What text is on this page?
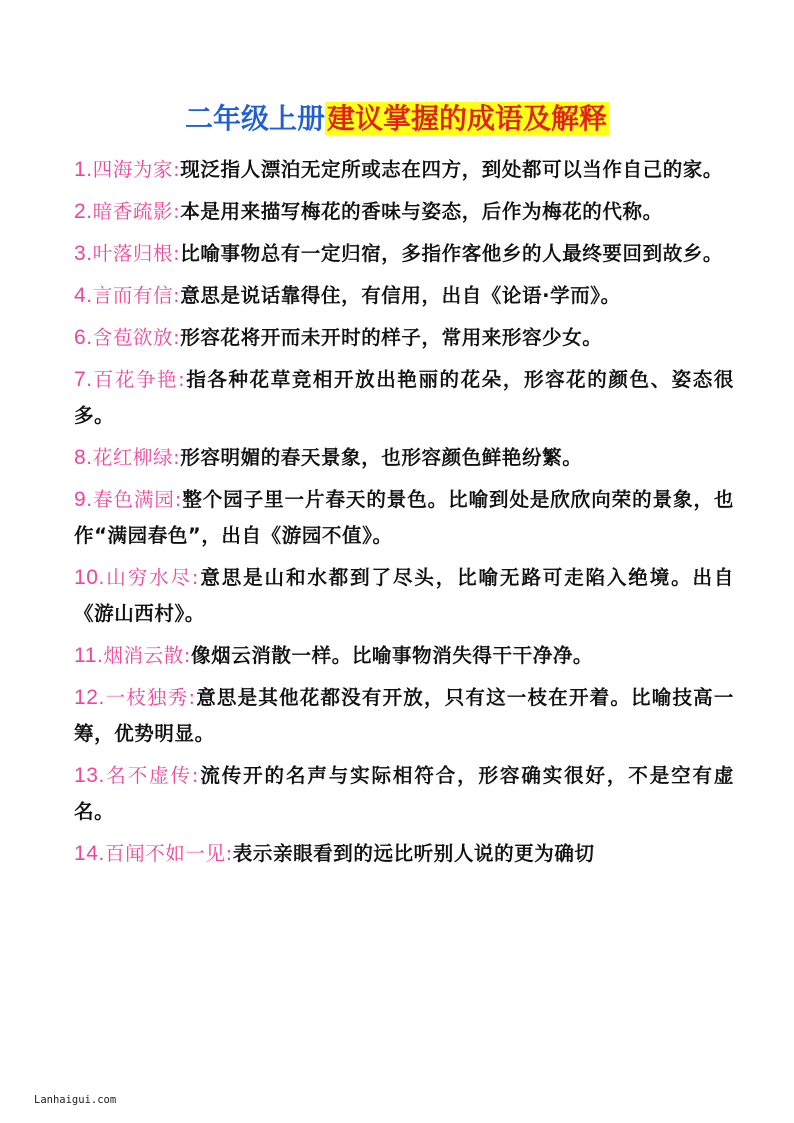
二年级上册建议掌握的成语及解释
1.四海为家:现泛指人漂泊无定所或志在四方，到处都可以当作自己的家。
2.暗香疏影:本是用来描写梅花的香味与姿态，后作为梅花的代称。
3.叶落归根:比喻事物总有一定归宿，多指作客他乡的人最终要回到故乡。
4.言而有信:意思是说话靠得住，有信用，出自《论语·学而》。
6.含苞欲放:形容花将开而未开时的样子，常用来形容少女。
7.百花争艳:指各种花草竞相开放出艳丽的花朵，形容花的颜色、姿态很多。
8.花红柳绿:形容明媚的春天景象，也形容颜色鲜艳纷繁。
9.春色满园:整个园子里一片春天的景色。比喻到处是欣欣向荣的景象，也作“满园春色”，出自《游园不值》。
10.山穷水尽:意思是山和水都到了尽头，比喻无路可走陷入绝境。出自《游山西村》。
11.烟消云散:像烟云消散一样。比喻事物消失得干干净净。
12.一枝独秀:意思是其他花都没有开放，只有这一枝在开着。比喻技高一筹，优势明显。
13.名不虚传:流传开的名声与实际相符合，形容确实很好，不是空有虚名。
14.百闻不如一见:表示亲眼看到的远比听别人说的更为确切
Lanhaigui.com
